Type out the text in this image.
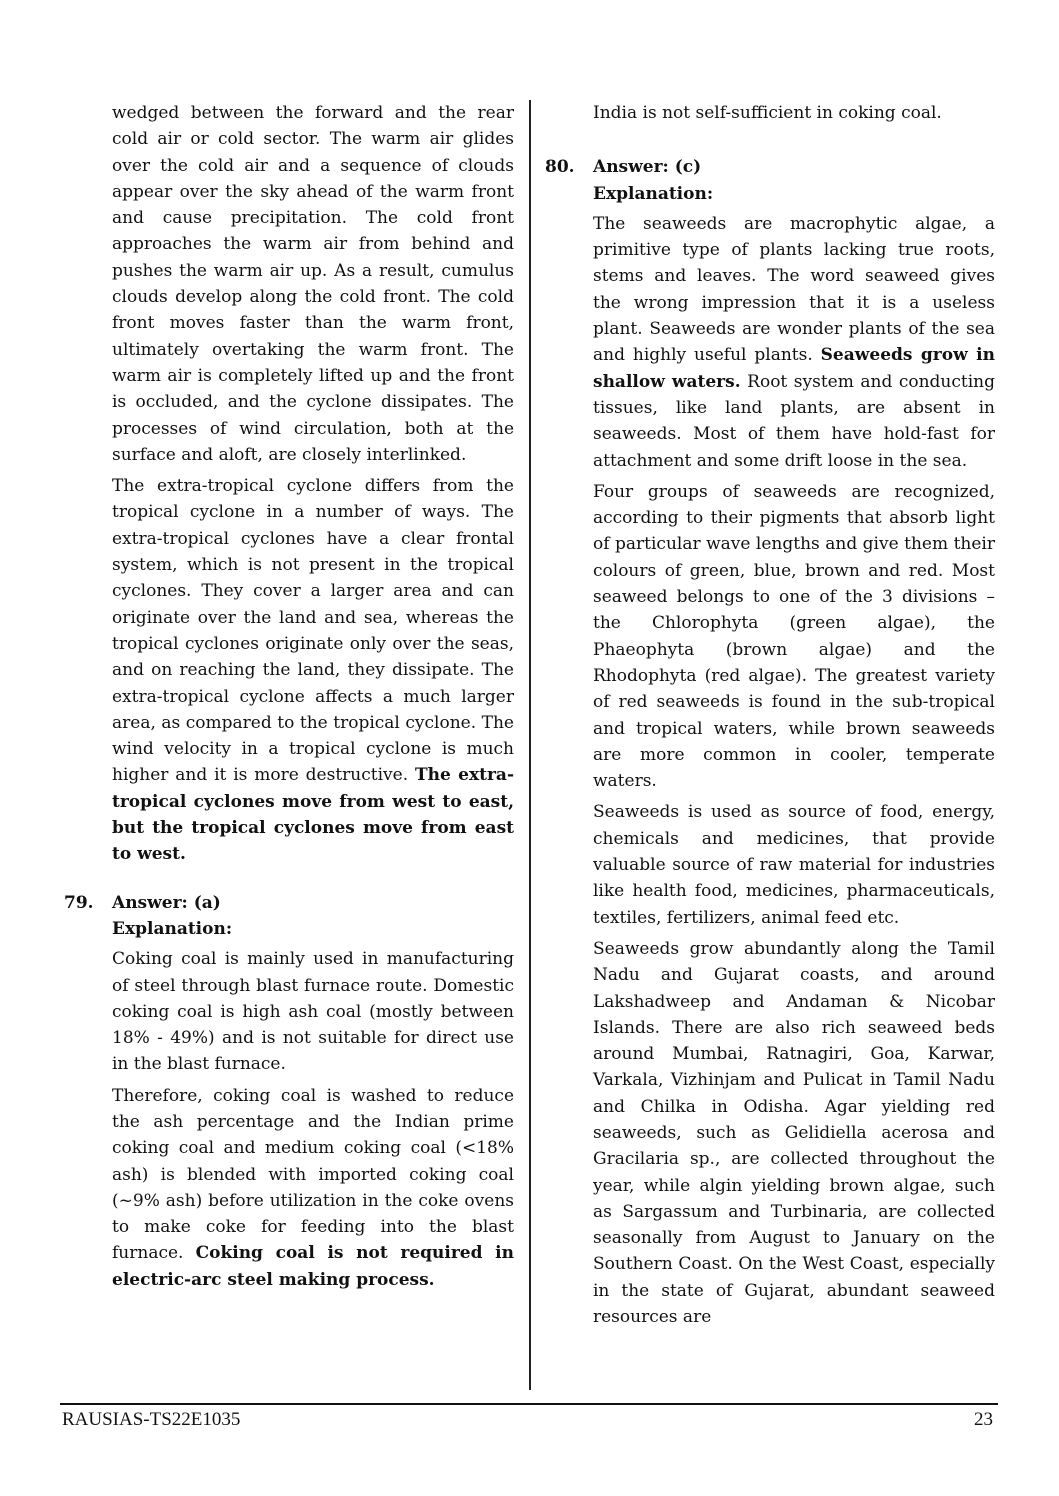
wedged between the forward and the rear cold air or cold sector. The warm air glides over the cold air and a sequence of clouds appear over the sky ahead of the warm front and cause precipitation. The cold front approaches the warm air from behind and pushes the warm air up. As a result, cumulus clouds develop along the cold front. The cold front moves faster than the warm front, ultimately overtaking the warm front. The warm air is completely lifted up and the front is occluded, and the cyclone dissipates. The processes of wind circulation, both at the surface and aloft, are closely interlinked.

The extra-tropical cyclone differs from the tropical cyclone in a number of ways. The extra-tropical cyclones have a clear frontal system, which is not present in the tropical cyclones. They cover a larger area and can originate over the land and sea, whereas the tropical cyclones originate only over the seas, and on reaching the land, they dissipate. The extra-tropical cyclone affects a much larger area, as compared to the tropical cyclone. The wind velocity in a tropical cyclone is much higher and it is more destructive. The extra-tropical cyclones move from west to east, but the tropical cyclones move from east to west.

79. Answer: (a)
Explanation:

Coking coal is mainly used in manufacturing of steel through blast furnace route. Domestic coking coal is high ash coal (mostly between 18% - 49%) and is not suitable for direct use in the blast furnace.

Therefore, coking coal is washed to reduce the ash percentage and the Indian prime coking coal and medium coking coal (<18% ash) is blended with imported coking coal (~9% ash) before utilization in the coke ovens to make coke for feeding into the blast furnace. Coking coal is not required in electric-arc steel making process.

India is not self-sufficient in coking coal.

80. Answer: (c)
Explanation:

The seaweeds are macrophytic algae, a primitive type of plants lacking true roots, stems and leaves. The word seaweed gives the wrong impression that it is a useless plant. Seaweeds are wonder plants of the sea and highly useful plants. Seaweeds grow in shallow waters. Root system and conducting tissues, like land plants, are absent in seaweeds. Most of them have hold-fast for attachment and some drift loose in the sea.

Four groups of seaweeds are recognized, according to their pigments that absorb light of particular wave lengths and give them their colours of green, blue, brown and red. Most seaweed belongs to one of the 3 divisions – the Chlorophyta (green algae), the Phaeophyta (brown algae) and the Rhodophyta (red algae). The greatest variety of red seaweeds is found in the sub-tropical and tropical waters, while brown seaweeds are more common in cooler, temperate waters.

Seaweeds is used as source of food, energy, chemicals and medicines, that provide valuable source of raw material for industries like health food, medicines, pharmaceuticals, textiles, fertilizers, animal feed etc.

Seaweeds grow abundantly along the Tamil Nadu and Gujarat coasts, and around Lakshadweep and Andaman & Nicobar Islands. There are also rich seaweed beds around Mumbai, Ratnagiri, Goa, Karwar, Varkala, Vizhinjam and Pulicat in Tamil Nadu and Chilka in Odisha. Agar yielding red seaweeds, such as Gelidiella acerosa and Gracilaria sp., are collected throughout the year, while algin yielding brown algae, such as Sargassum and Turbinaria, are collected seasonally from August to January on the Southern Coast. On the West Coast, especially in the state of Gujarat, abundant seaweed resources are

RAUSIAS-TS22E1035	23
